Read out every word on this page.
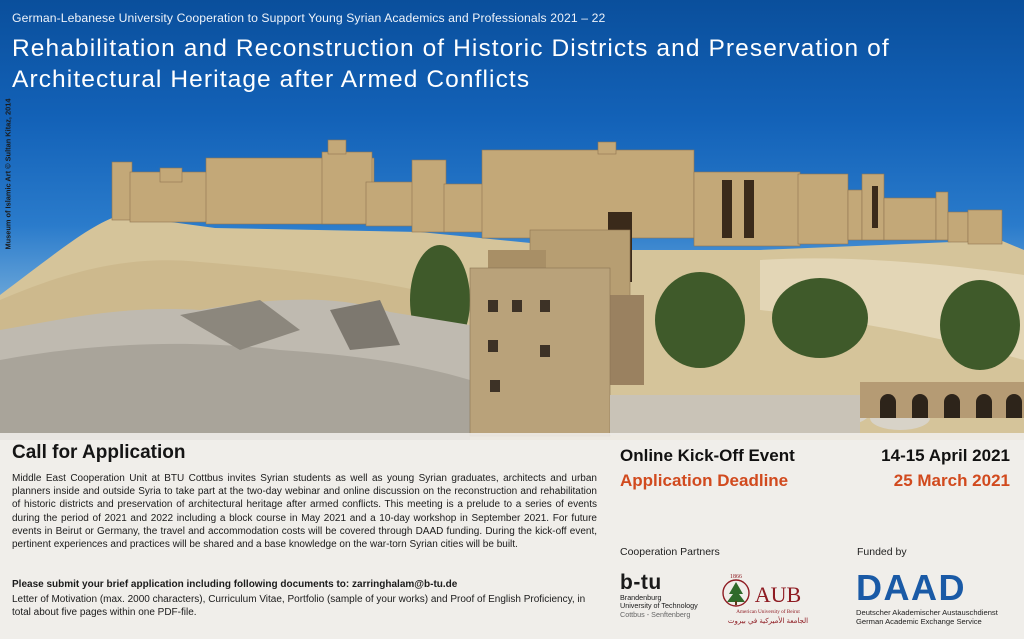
German-Lebanese University Cooperation to Support Young Syrian Academics and Professionals 2021 – 22
Rehabilitation and Reconstruction of Historic Districts and Preservation of Architectural Heritage after Armed Conflicts
Museum of Islamic Art © Sultan Kitaz, 2014
Call for Application

Middle East Cooperation Unit at BTU Cottbus invites Syrian students as well as young Syrian graduates, architects and urban planners inside and outside Syria to take part at the two-day webinar and online discussion on the reconstruction and rehabilitation of historic districts and preservation of architectural heritage after armed conflicts. This meeting is a prelude to a series of events during the period of 2021 and 2022 including a block course in May 2021 and a 10-day workshop in September 2021. For future events in Beirut or Germany, the travel and accommodation costs will be covered through DAAD funding. During the kick-off event, pertinent experiences and practices will be shared and a base knowledge on the war-torn Syrian cities will be built.

Please submit your brief application including following documents to: zarringhalam@b-tu.de

Letter of Motivation (max. 2000 characters), Curriculum Vitae, Portfolio (sample of your works) and Proof of English Proficiency, in total about five pages within one PDF-file.

Online Kick-Off Event	14-15 April 2021
Application Deadline	25 March 2021
Cooperation Partners	Funded by
b-tu
Brandenburg
University of Technology
Cottbus - Senftenberg
1866
AUB
American University of Beirut
الجامعة الأميركية في بيروت
DAAD
Deutscher Akademischer Austauschdienst
German Academic Exchange Service
